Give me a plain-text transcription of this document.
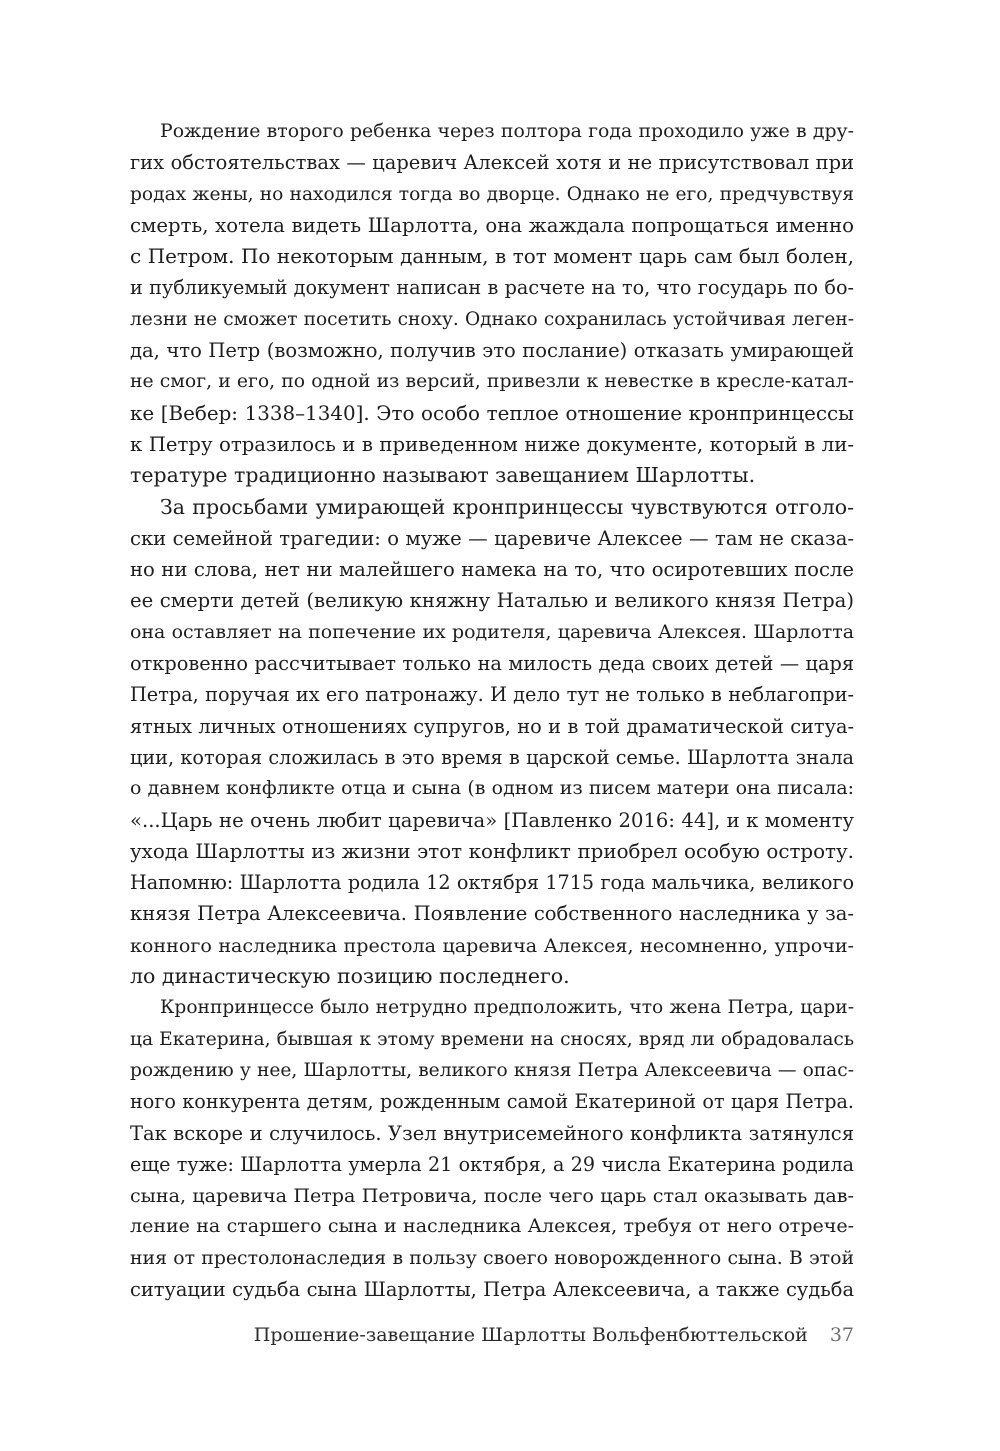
Рождение второго ребенка через полтора года проходило уже в дру-
гих обстоятельствах — царевич Алексей хотя и не присутствовал при
родах жены, но находился тогда во дворце. Однако не его, предчувствуя
смерть, хотела видеть Шарлотта, она жаждала попрощаться именно
с Петром. По некоторым данным, в тот момент царь сам был болен,
и публикуемый документ написан в расчете на то, что государь по бо-
лезни не сможет посетить сноху. Однако сохранилась устойчивая леген-
да, что Петр (возможно, получив это послание) отказать умирающей
не смог, и его, по одной из версий, привезли к невестке в кресле-катал-
ке [Вебер: 1338–1340]. Это особо теплое отношение кронпринцессы
к Петру отразилось и в приведенном ниже документе, который в ли-
тературе традиционно называют завещанием Шарлотты.
За просьбами умирающей кронпринцессы чувствуются отголо-
ски семейной трагедии: о муже — царевиче Алексее — там не сказа-
но ни слова, нет ни малейшего намека на то, что осиротевших после
ее смерти детей (великую княжну Наталью и великого князя Петра)
она оставляет на попечение их родителя, царевича Алексея. Шарлотта
откровенно рассчитывает только на милость деда своих детей — царя
Петра, поручая их его патронажу. И дело тут не только в неблагопри-
ятных личных отношениях супругов, но и в той драматической ситуа-
ции, которая сложилась в это время в царской семье. Шарлотта знала
о давнем конфликте отца и сына (в одном из писем матери она писала:
«...Царь не очень любит царевича» [Павленко 2016: 44], и к моменту
ухода Шарлотты из жизни этот конфликт приобрел особую остроту.
Напомню: Шарлотта родила 12 октября 1715 года мальчика, великого
князя Петра Алексеевича. Появление собственного наследника у за-
конного наследника престола царевича Алексея, несомненно, упрочи-
ло династическую позицию последнего.
Кронпринцессе было нетрудно предположить, что жена Петра, цари-
ца Екатерина, бывшая к этому времени на сносях, вряд ли обрадовалась
рождению у нее, Шарлотты, великого князя Петра Алексеевича — опас-
ного конкурента детям, рожденным самой Екатериной от царя Петра.
Так вскоре и случилось. Узел внутрисемейного конфликта затянулся
еще туже: Шарлотта умерла 21 октября, а 29 числа Екатерина родила
сына, царевича Петра Петровича, после чего царь стал оказывать дав-
ление на старшего сына и наследника Алексея, требуя от него отрече-
ния от престолонаследия в пользу своего новорожденного сына. В этой
ситуации судьба сына Шарлотты, Петра Алексеевича, а также судьба
Прошение-завещание Шарлотты Вольфенбюттельской 37
